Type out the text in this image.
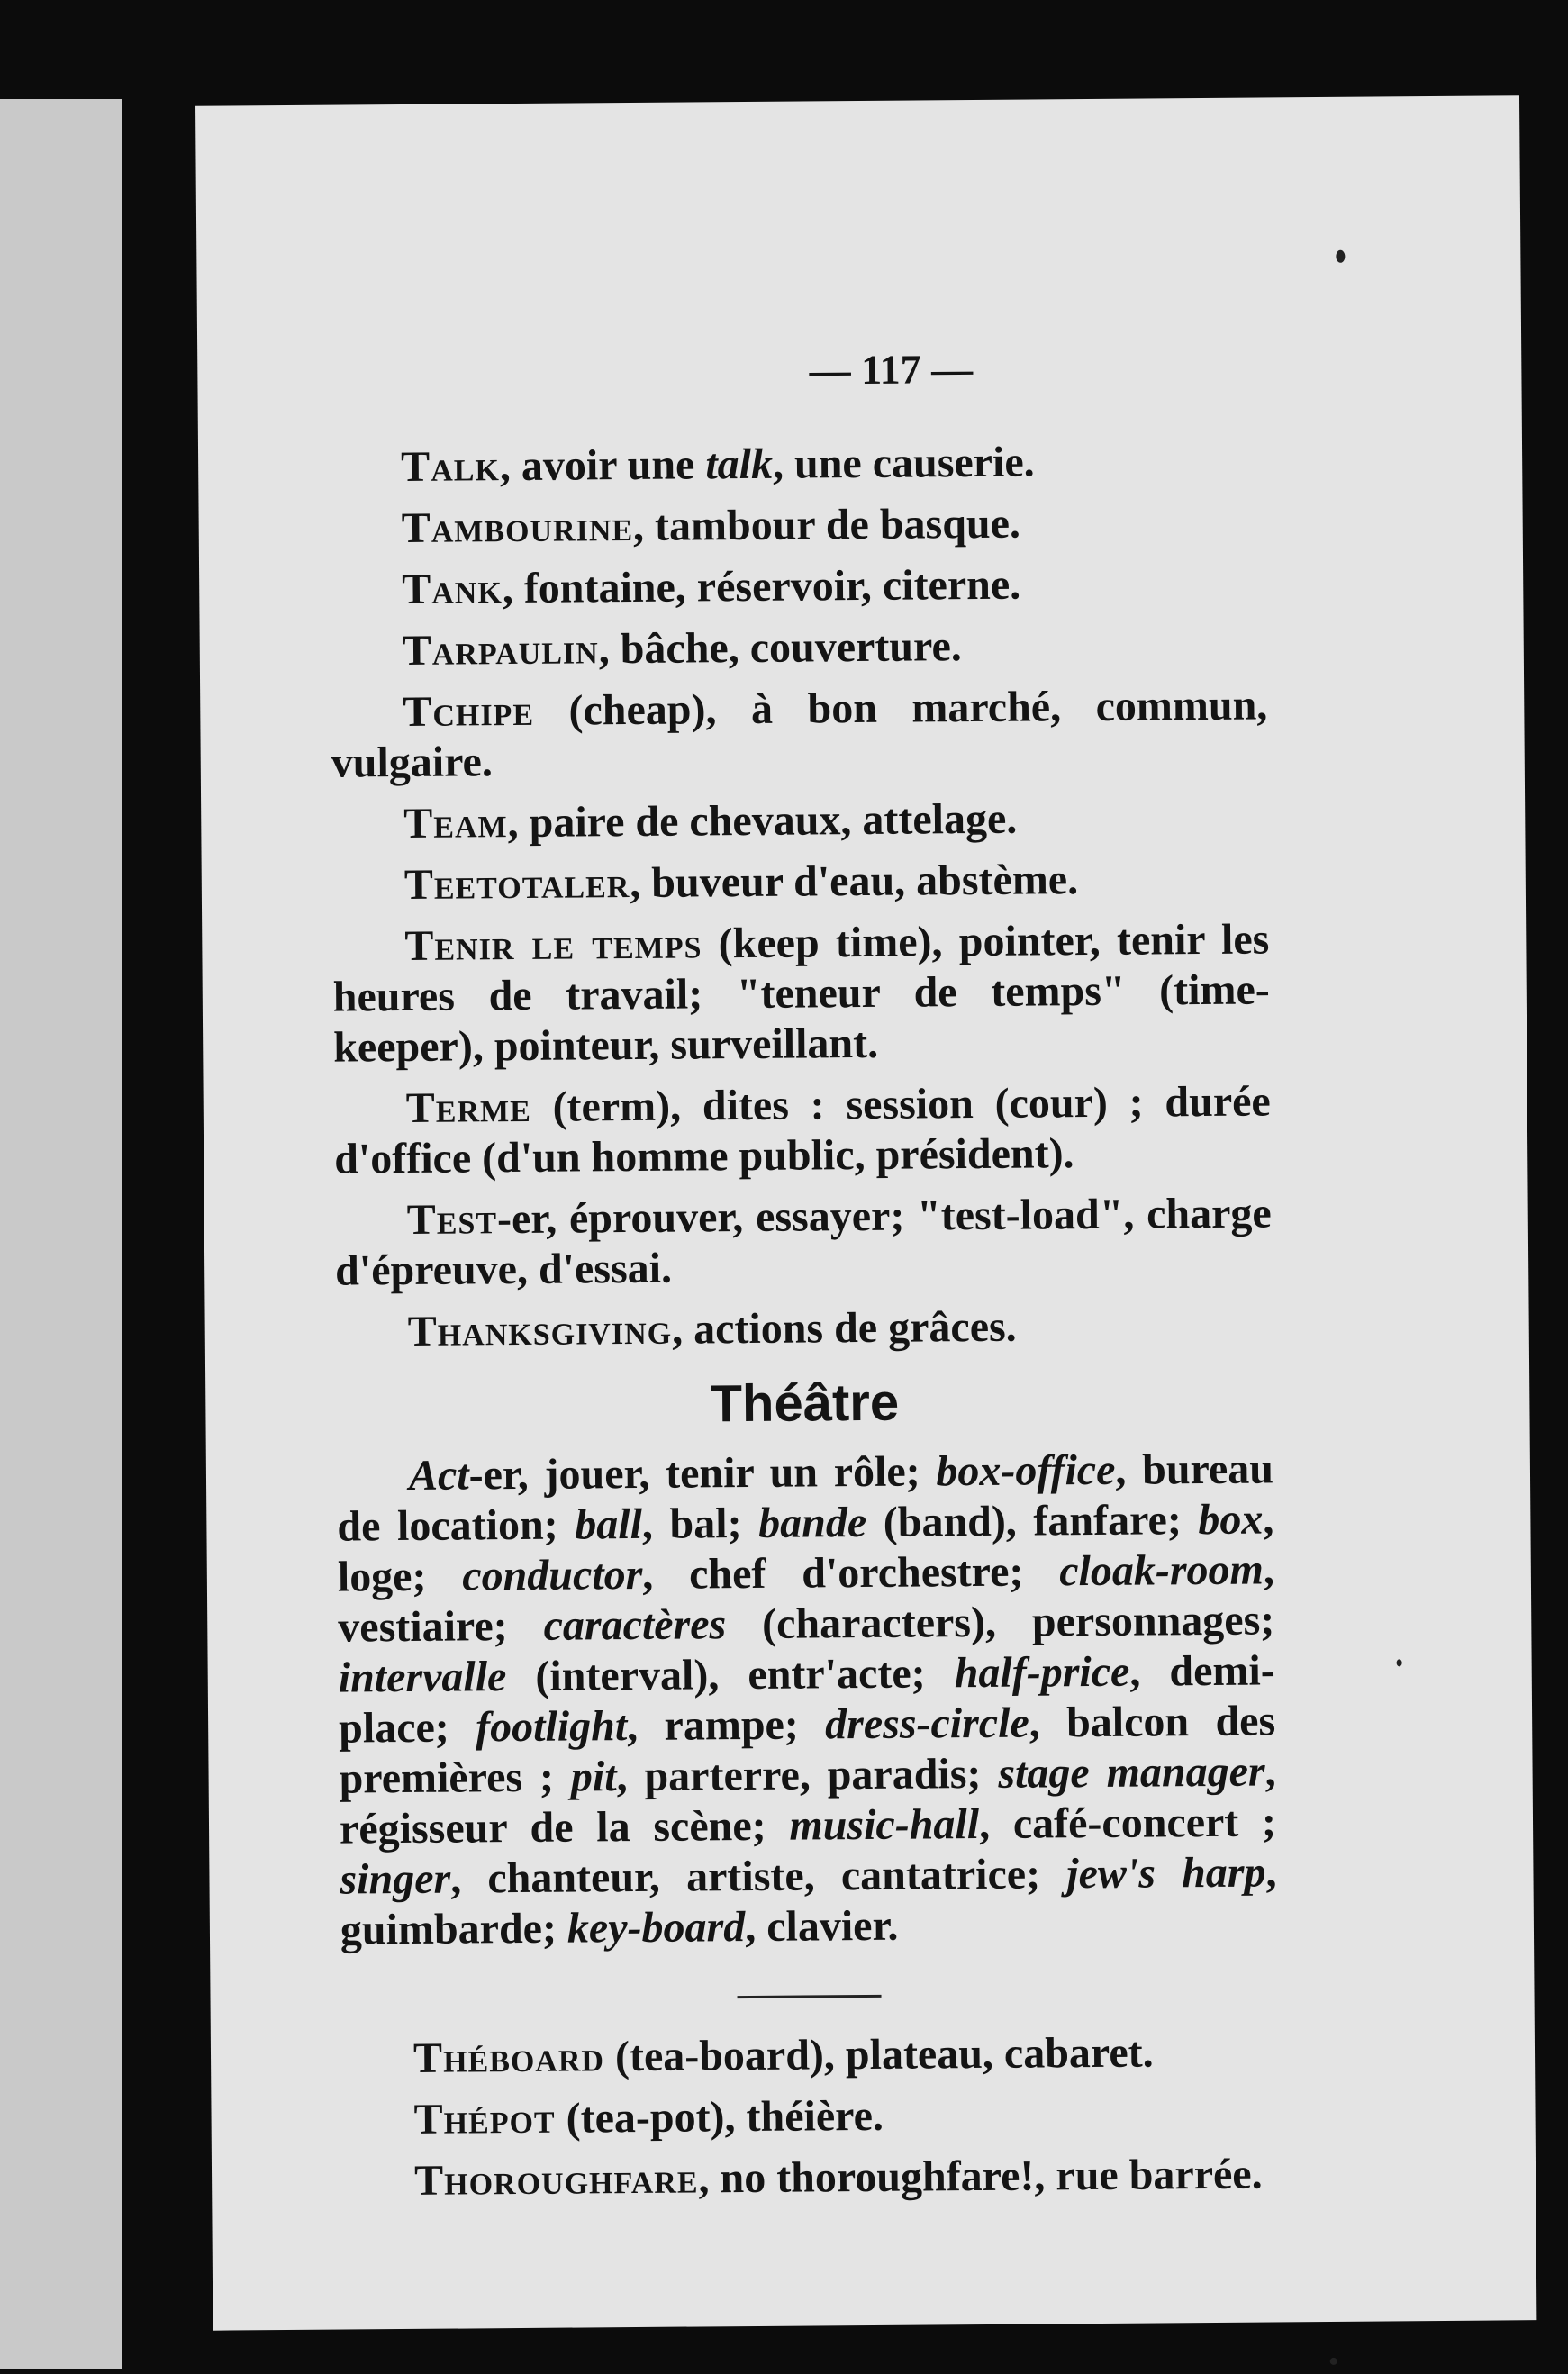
— 117 —

Talk, avoir une talk, une causerie.

Tambourine, tambour de basque.

Tank, fontaine, réservoir, citerne.

Tarpaulin, bâche, couverture.

Tchipe (cheap), à bon marché, commun, vulgaire.

Team, paire de chevaux, attelage.

Teetotaler, buveur d'eau, abstème.

Tenir le temps (keep time), pointer, tenir les heures de travail; "teneur de temps" (time-keeper), pointeur, surveillant.

Terme (term), dites : session (cour) ; durée d'office (d'un homme public, président).

Test-er, éprouver, essayer; "test-load", charge d'épreuve, d'essai.

Thanksgiving, actions de grâces.

Théâtre

Act-er, jouer, tenir un rôle; box-office, bureau de location; ball, bal; bande (band), fanfare; box, loge; conductor, chef d'orchestre; cloak-room, vestiaire; caractères (characters), personnages; intervalle (interval), entr'acte; half-price, demi-place; footlight, rampe; dress-circle, balcon des premières ; pit, parterre, paradis; stage manager, régisseur de la scène; music-hall, café-concert ; singer, chanteur, artiste, cantatrice; jew's harp, guimbarde; key-board, clavier.

Théboard (tea-board), plateau, cabaret.

Thépot (tea-pot), théière.

Thoroughfare, no thoroughfare!, rue barrée.
